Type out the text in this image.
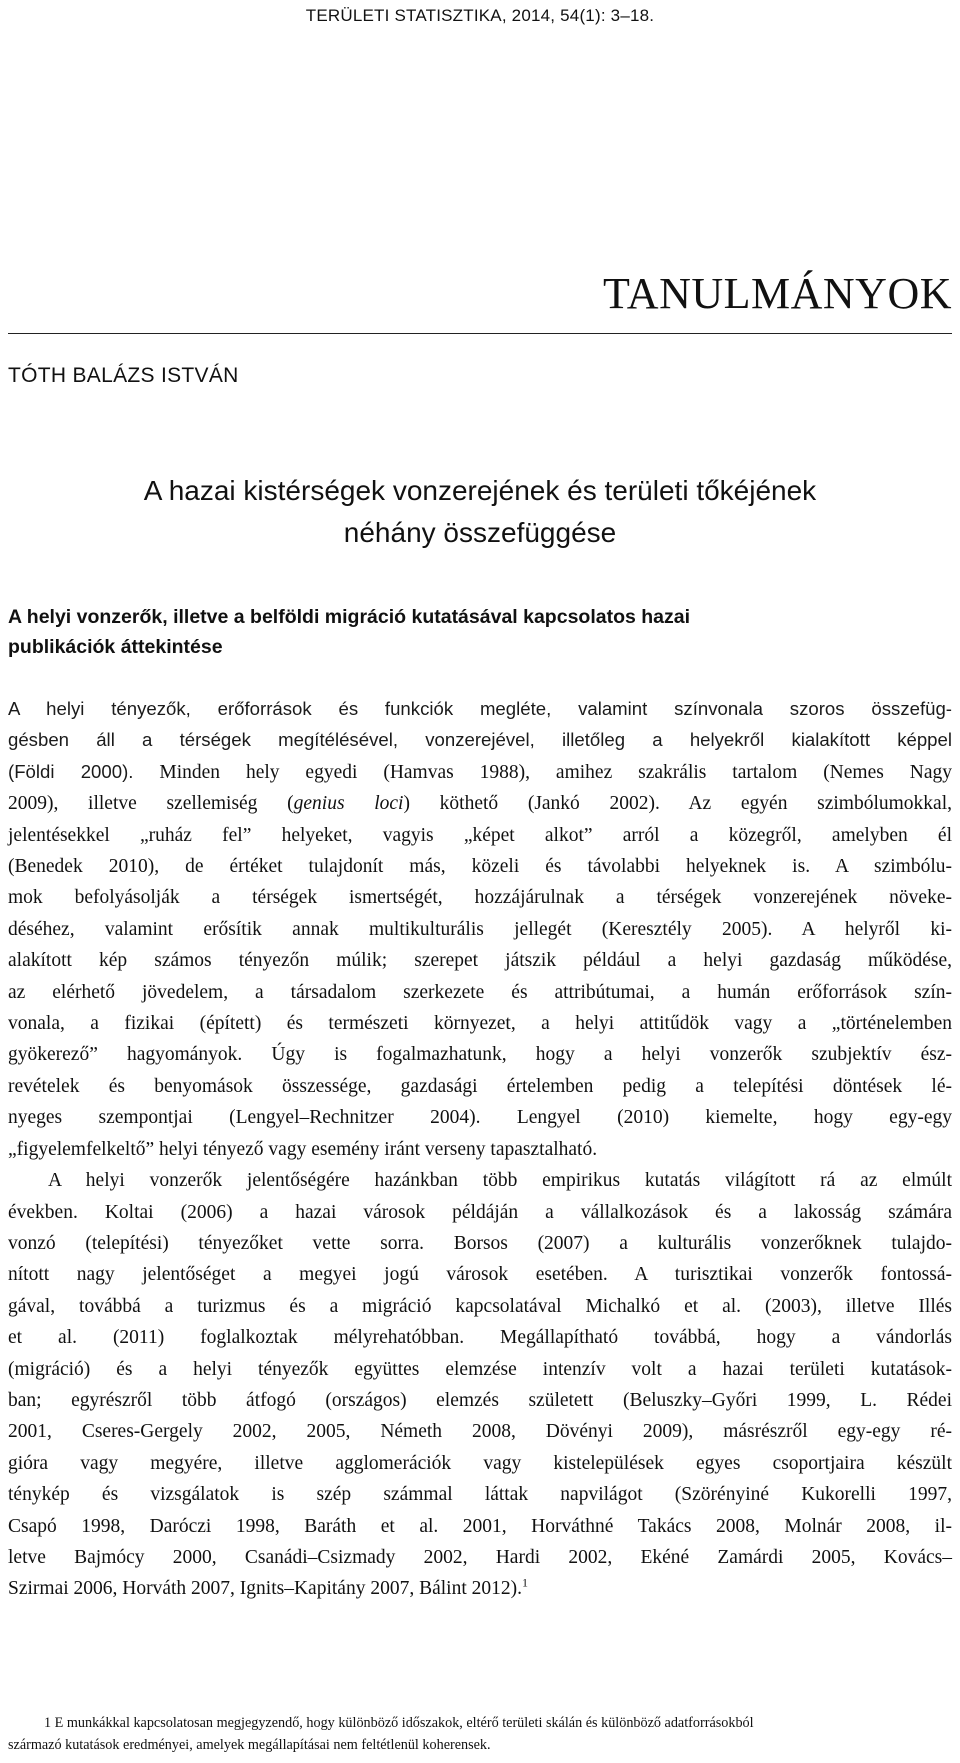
TERÜLETI STATISZTIKA, 2014, 54(1): 3–18.
TANULMÁNYOK
TÓTH BALÁZS ISTVÁN
A hazai kistérségek vonzerejének és területi tőkéjének
néhány összefüggése
A helyi vonzerők, illetve a belföldi migráció kutatásával kapcsolatos hazai
publikációk áttekintése
A helyi tényezők, erőforrások és funkciók megléte, valamint színvonala szoros összefüg-
gésben áll a térségek megítélésével, vonzerejével, illetőleg a helyekről kialakított képpel
(Földi 2000). Minden hely egyedi (Hamvas 1988), amihez szakrális tartalom (Nemes Nagy
2009), illetve szellemiség (genius loci) köthető (Jankó 2002). Az egyén szimbólumokkal,
jelentésekkel „ruház fel” helyeket, vagyis „képet alkot” arról a közegről, amelyben él
(Benedek 2010), de értéket tulajdonít más, közeli és távolabbi helyeknek is. A szimbólu-
mok befolyásolják a térségek ismertségét, hozzájárulnak a térségek vonzerejének növeke-
déséhez, valamint erősítik annak multikulturális jellegét (Keresztély 2005). A helyről ki-
alakított kép számos tényezőn múlik; szerepet játszik például a helyi gazdaság működése,
az elérhető jövedelem, a társadalom szerkezete és attribútumai, a humán erőforrások szín-
vonala, a fizikai (épített) és természeti környezet, a helyi attitűdök vagy a „történelemben
gyökerező” hagyományok. Úgy is fogalmazhatunk, hogy a helyi vonzerők szubjektív ész-
revételek és benyomások összessége, gazdasági értelemben pedig a telepítési döntések lé-
nyeges szempontjai (Lengyel–Rechnitzer 2004). Lengyel (2010) kiemelte, hogy egy-egy
„figyelemfelkeltő” helyi tényező vagy esemény iránt verseny tapasztalható.
A helyi vonzerők jelentőségére hazánkban több empirikus kutatás világított rá az elmúlt
években. Koltai (2006) a hazai városok példáján a vállalkozások és a lakosság számára
vonzó (telepítési) tényezőket vette sorra. Borsos (2007) a kulturális vonzerőknek tulajdo-
nított nagy jelentőséget a megyei jogú városok esetében. A turisztikai vonzerők fontossá-
gával, továbbá a turizmus és a migráció kapcsolatával Michalkó et al. (2003), illetve Illés
et al. (2011) foglalkoztak mélyrehatóbban. Megállapítható továbbá, hogy a vándorlás
(migráció) és a helyi tényezők együttes elemzése intenzív volt a hazai területi kutatások-
ban; egyrészről több átfogó (országos) elemzés született (Beluszky–Győri 1999, L. Rédei
2001, Cseres-Gergely 2002, 2005, Németh 2008, Dövényi 2009), másrészről egy-egy ré-
gióra vagy megyére, illetve agglomerációk vagy kistelepülések egyes csoportjaira készült
ténykép és vizsgálatok is szép számmal láttak napvilágot (Szörényiné Kukorelli 1997,
Csapó 1998, Daróczi 1998, Baráth et al. 2001, Horváthné Takács 2008, Molnár 2008, il-
letve Bajmócy 2000, Csanádi–Csizmady 2002, Hardi 2002, Ekéné Zamárdi 2005, Kovács–
Szirmai 2006, Horváth 2007, Ignits–Kapitány 2007, Bálint 2012).$^1$
1 E munkákkal kapcsolatosan megjegyzendő, hogy különböző időszakok, eltérő területi skálán és különböző adatforrásokból
származó kutatások eredményei, amelyek megállapításai nem feltétlenül koherensek.
